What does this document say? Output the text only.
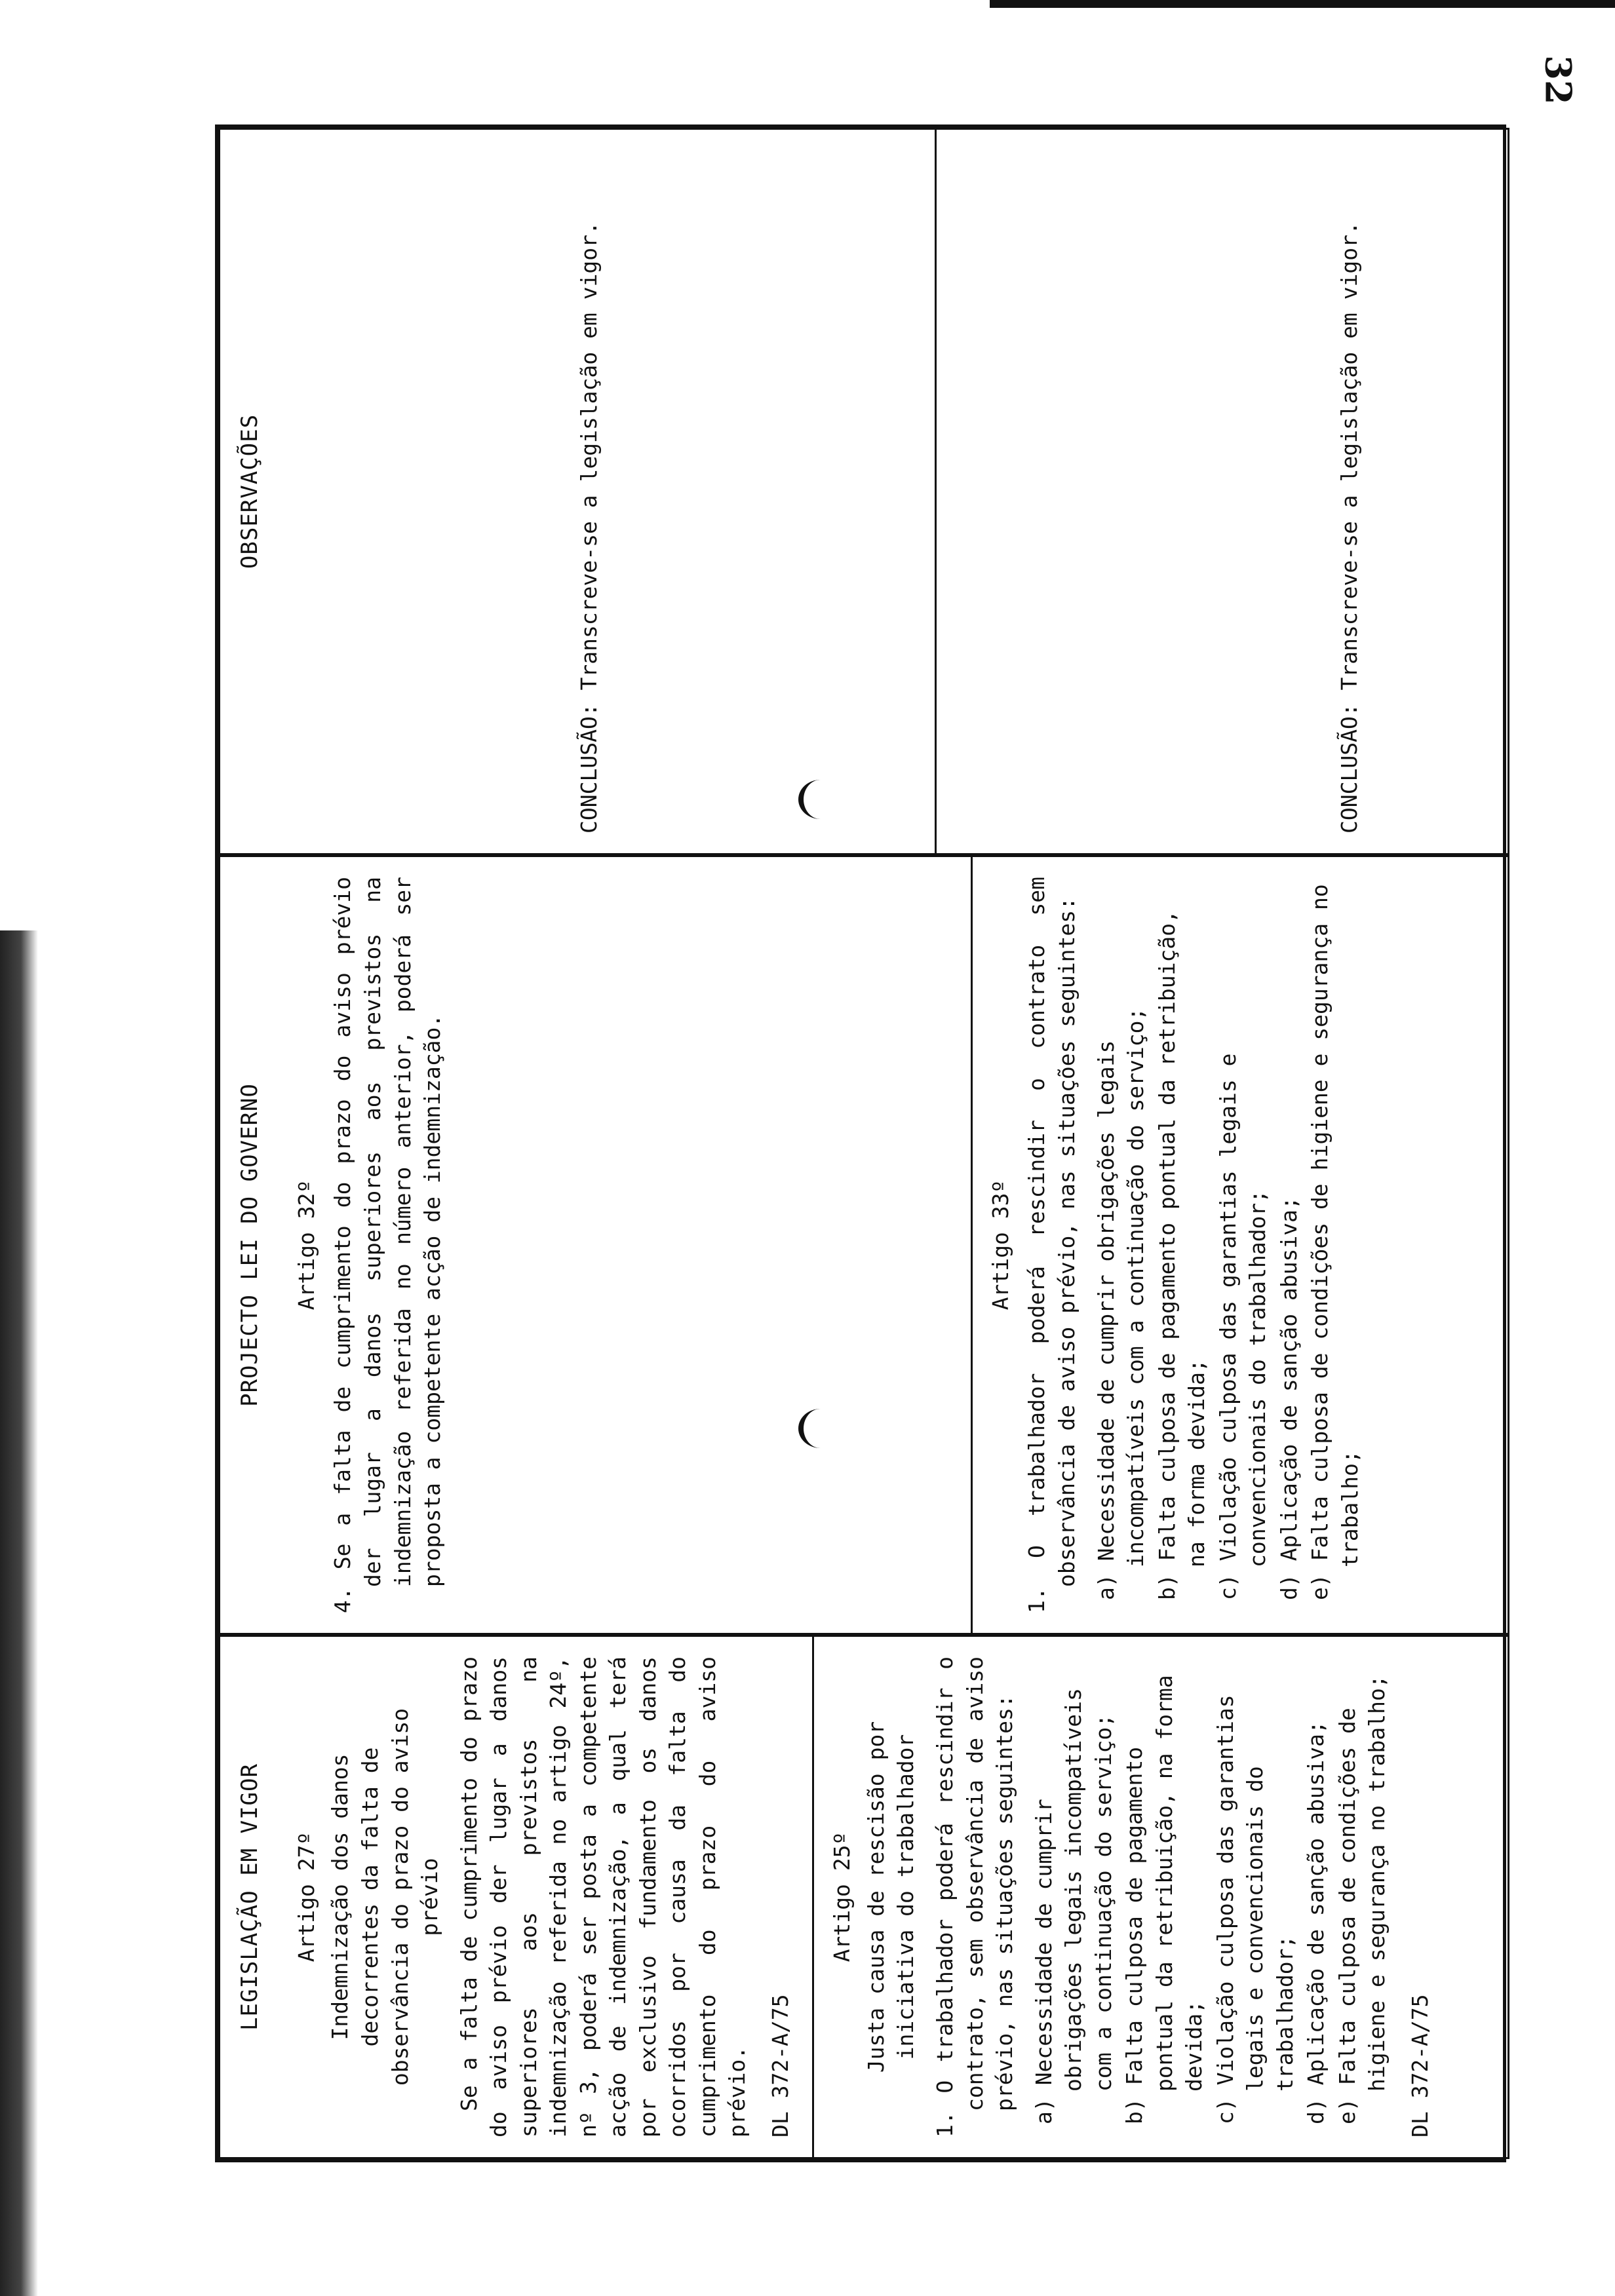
32
LEGISLAÇÃO EM VIGOR Artigo 27º Indemnização dos danos decorrentes da falta de observância do prazo do aviso prévio Se a falta de cumprimento do prazo do aviso prévio der lugar a danos superiores aos previstos na indemnização referida no artigo 24º, nº 3, poderá ser posta a competente acção de indemnização, a qual terá por exclusivo fundamento os danos ocorridos por causa da falta do cumprimento do prazo do aviso prévio. DL 372-A/75
Artigo 25º Justa causa de rescisão por iniciativa do trabalhador 1. O trabalhador poderá rescindir o contrato, sem observância de aviso prévio, nas situações seguintes: a) Necessidade de cumprir obrigações legais incompatíveis com a continuação do serviço; b) Falta culposa de pagamento pontual da retribuição, na forma devida; c) Violação culposa das garantias legais e convencionais do trabalhador; d) Aplicação de sanção abusiva; e) Falta culposa de condições de higiene e segurança no trabalho; DL 372-A/75
PROJECTO LEI DO GOVERNO Artigo 32º 4. Se a falta de cumprimento do prazo do aviso prévio der lugar a danos superiores aos previstos na indemnização referida no número anterior, poderá ser proposta a competente acção de indemnização.	Artigo 33º 1. O trabalhador poderá rescindir o contrato sem observância de aviso prévio, nas situações seguintes: a) Necessidade de cumprir obrigações legais incompatíveis com a continuação do serviço; b) Falta culposa de pagamento pontual da retribuição, na forma devida; c) Violação culposa das garantias legais e convencionais do trabalhador; d) Aplicação de sanção abusiva; e) Falta culposa de condições de higiene e segurança no trabalho;
OBSERVAÇÕES
CONCLUSÃO: Transcreve-se a legislação em vigor.
CONCLUSÃO: Transcreve-se a legislação em vigor.
